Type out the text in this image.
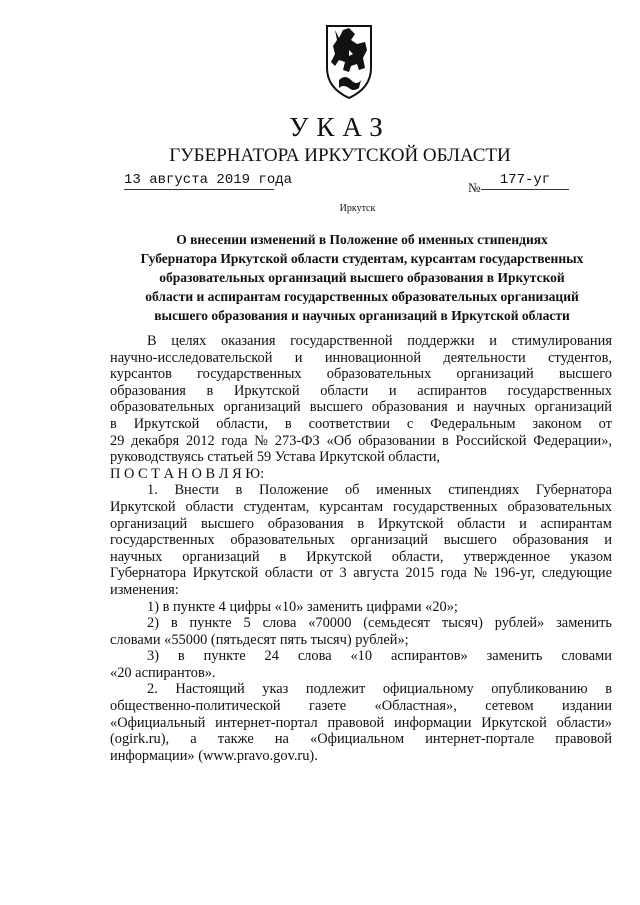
УКАЗ
ГУБЕРНАТОРА ИРКУТСКОЙ ОБЛАСТИ
13 августа 2019 года	№	177-уг
Иркутск
О внесении изменений в Положение об именных стипендиях
Губернатора Иркутской области студентам, курсантам государственных
образовательных организаций высшего образования в Иркутской
области и аспирантам государственных образовательных организаций
высшего образования и научных организаций в Иркутской области
В целях оказания государственной поддержки и стимулирования
научно-исследовательской и инновационной деятельности студентов,
курсантов государственных образовательных организаций высшего
образования в Иркутской области и аспирантов государственных
образовательных организаций высшего образования и научных организаций
в Иркутской области, в соответствии с Федеральным законом от
29 декабря 2012 года № 273-ФЗ «Об образовании в Российской Федерации»,
руководствуясь статьей 59 Устава Иркутской области,
П О С Т А Н О В Л Я Ю:
1. Внести в Положение об именных стипендиях Губернатора
Иркутской области студентам, курсантам государственных образовательных
организаций высшего образования в Иркутской области и аспирантам
государственных образовательных организаций высшего образования и
научных организаций в Иркутской области, утвержденное указом
Губернатора Иркутской области от 3 августа 2015 года № 196-уг, следующие
изменения:
1) в пункте 4 цифры «10» заменить цифрами «20»;
2) в пункте 5 слова «70000 (семьдесят тысяч) рублей» заменить
словами «55000 (пятьдесят пять тысяч) рублей»;
3) в пункте 24 слова «10 аспирантов» заменить словами
«20 аспирантов».
2. Настоящий указ подлежит официальному опубликованию в
общественно-политической газете «Областная», сетевом издании
«Официальный интернет-портал правовой информации Иркутской области»
(ogirk.ru), а также на «Официальном интернет-портале правовой
информации» (www.pravo.gov.ru).
